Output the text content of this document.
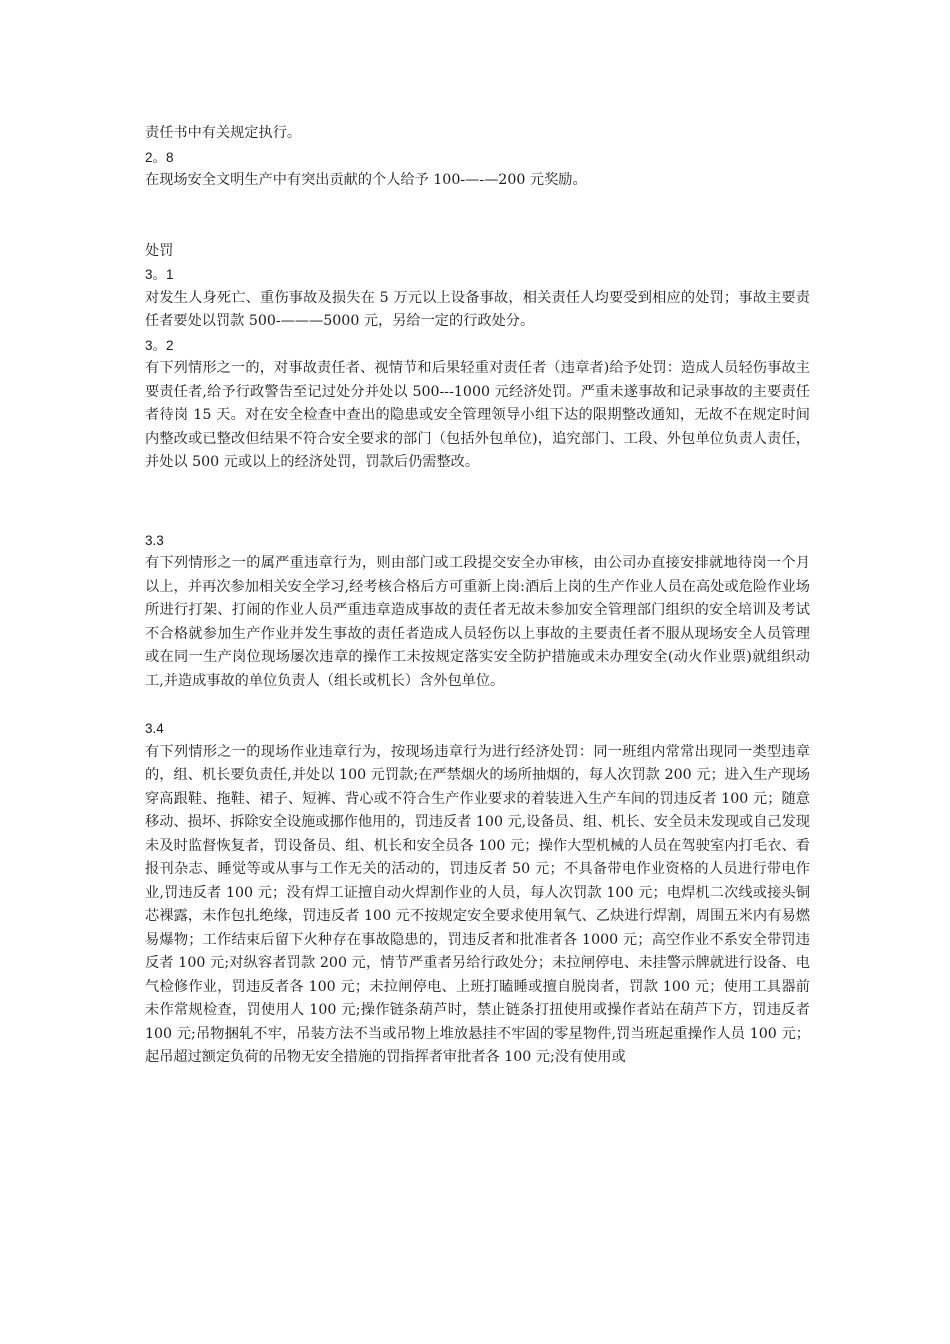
责任书中有关规定执行。

2。8

在现场安全文明生产中有突出贡献的个人给予 100-—-—200 元奖励。

处罚

3。1

对发生人身死亡、重伤事故及损失在 5 万元以上设备事故，相关责任人均要受到相应的处罚；事故主要责任者要处以罚款 500-———5000 元，另给一定的行政处分。

3。2

有下列情形之一的，对事故责任者、视情节和后果轻重对责任者（违章者)给予处罚：造成人员轻伤事故主要责任者,给予行政警告至记过处分并处以 500---1000 元经济处罚。严重未遂事故和记录事故的主要责任者待岗 15 天。对在安全检查中查出的隐患或安全管理领导小组下达的限期整改通知，无故不在规定时间内整改或已整改但结果不符合安全要求的部门（包括外包单位)，追究部门、工段、外包单位负责人责任，并处以 500 元或以上的经济处罚，罚款后仍需整改。

3.3

有下列情形之一的属严重违章行为，则由部门或工段提交安全办审核，由公司办直接安排就地待岗一个月以上，并再次参加相关安全学习,经考核合格后方可重新上岗:酒后上岗的生产作业人员在高处或危险作业场所进行打架、打闹的作业人员严重违章造成事故的责任者无故未参加安全管理部门组织的安全培训及考试不合格就参加生产作业并发生事故的责任者造成人员轻伤以上事故的主要责任者不服从现场安全人员管理或在同一生产岗位现场屡次违章的操作工未按规定落实安全防护措施或未办理安全(动火作业票)就组织动工,并造成事故的单位负责人（组长或机长）含外包单位。

3.4

有下列情形之一的现场作业违章行为，按现场违章行为进行经济处罚：同一班组内常常出现同一类型违章的，组、机长要负责任,并处以 100 元罚款;在严禁烟火的场所抽烟的，每人次罚款 200 元；进入生产现场穿高跟鞋、拖鞋、裙子、短裤、背心或不符合生产作业要求的着装进入生产车间的罚违反者 100 元；随意移动、损坏、拆除安全设施或挪作他用的，罚违反者 100 元,设备员、组、机长、安全员未发现或自己发现未及时监督恢复者，罚设备员、组、机长和安全员各 100 元；操作大型机械的人员在驾驶室内打毛衣、看报刊杂志、睡觉等或从事与工作无关的活动的，罚违反者 50 元；不具备带电作业资格的人员进行带电作业,罚违反者 100 元；没有焊工证擅自动火焊割作业的人员，每人次罚款 100 元；电焊机二次线或接头铜芯裸露，未作包扎绝缘，罚违反者 100 元不按规定安全要求使用氧气、乙炔进行焊割，周围五米内有易燃易爆物；工作结束后留下火种存在事故隐患的，罚违反者和批准者各 1000 元；高空作业不系安全带罚违反者 100 元;对纵容者罚款 200 元，情节严重者另给行政处分；未拉闸停电、未挂警示牌就进行设备、电气检修作业，罚违反者各 100 元；未拉闸停电、上班打瞌睡或擅自脱岗者，罚款 100 元；使用工具器前未作常规检查，罚使用人 100 元;操作链条葫芦时，禁止链条打扭使用或操作者站在葫芦下方，罚违反者 100 元;吊物捆轧不牢，吊装方法不当或吊物上堆放悬挂不牢固的零星物件,罚当班起重操作人员 100 元；起吊超过额定负荷的吊物无安全措施的罚指挥者审批者各 100 元;没有使用或
